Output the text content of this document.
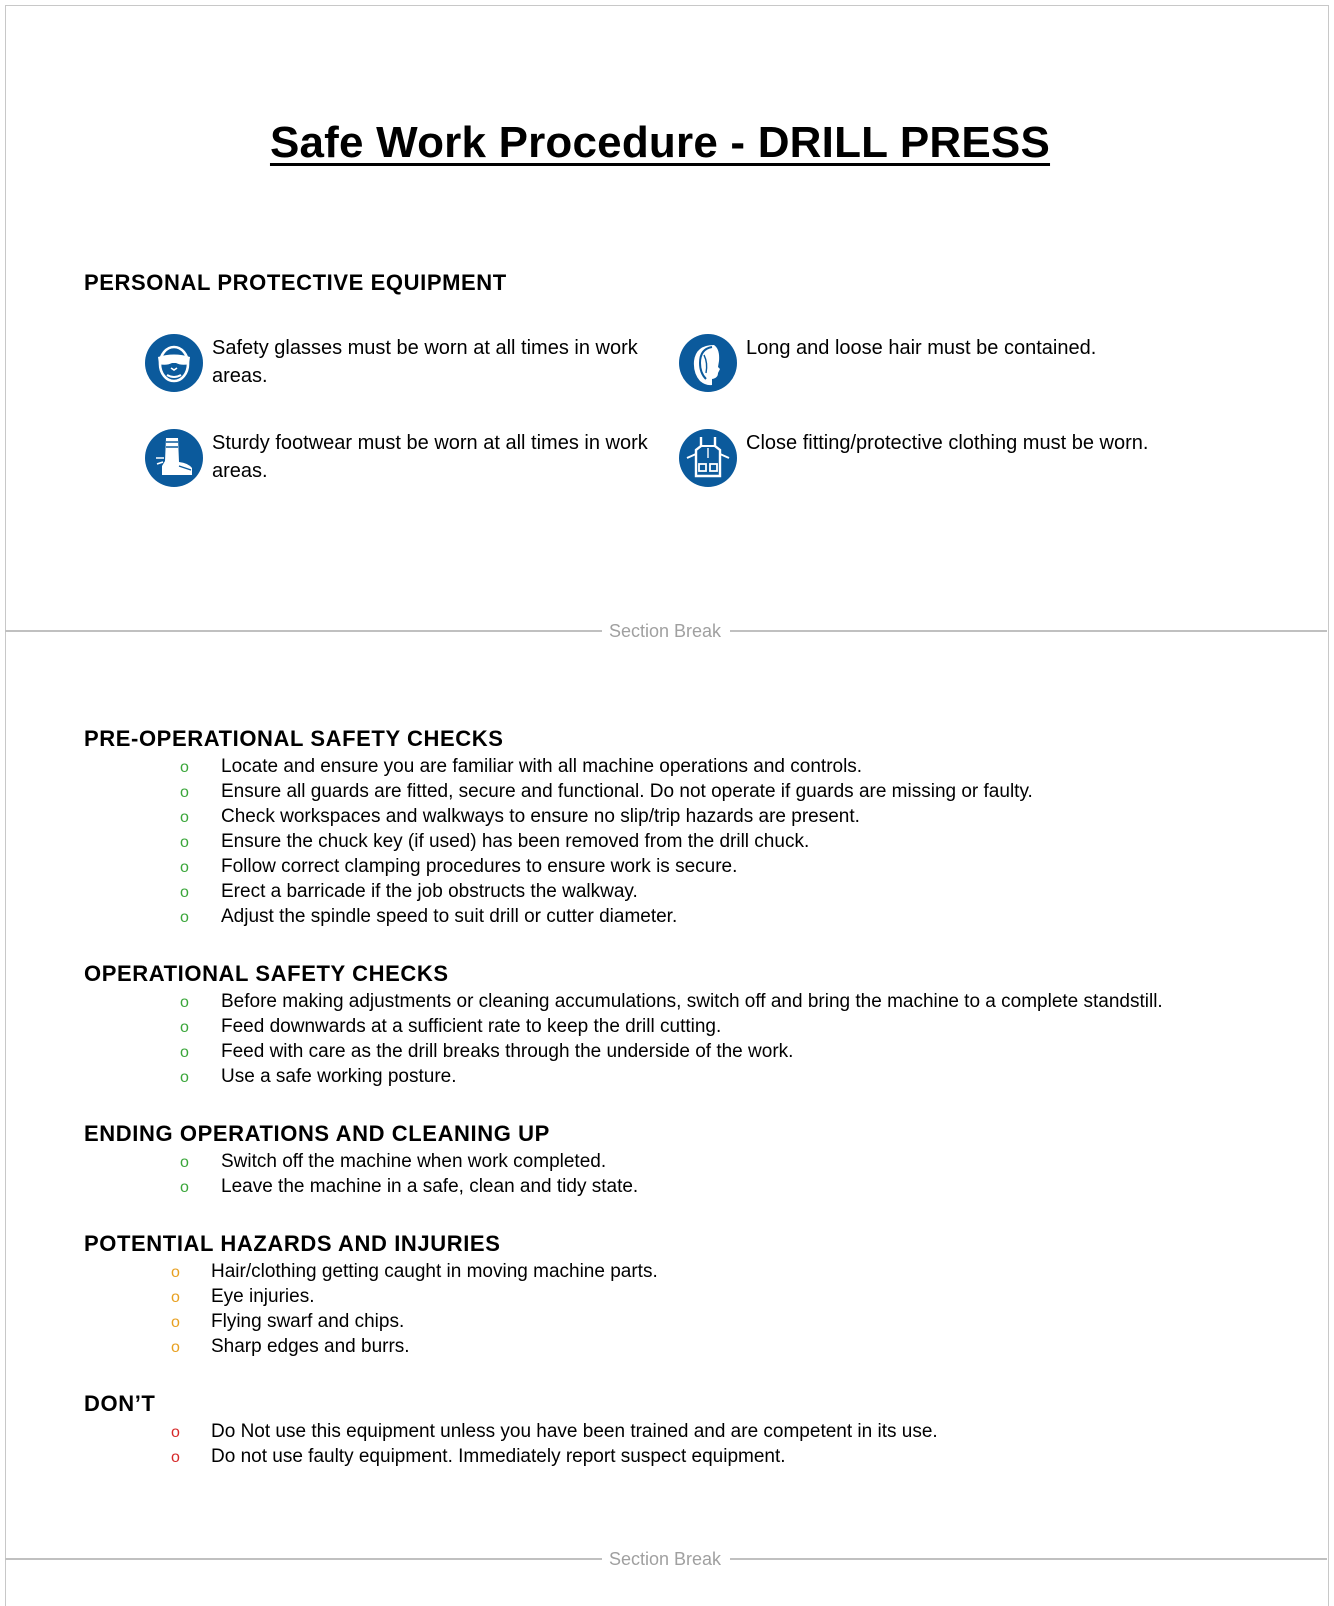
Safe Work Procedure - DRILL PRESS
PERSONAL PROTECTIVE EQUIPMENT
Safety glasses must be worn at all times in work areas.
Long and loose hair must be contained.
Sturdy footwear must be worn at all times in work areas.
Close fitting/protective clothing must be worn.
Section Break
PRE-OPERATIONAL SAFETY CHECKS
o Locate and ensure you are familiar with all machine operations and controls.
o Ensure all guards are fitted, secure and functional. Do not operate if guards are missing or faulty.
o Check workspaces and walkways to ensure no slip/trip hazards are present.
o Ensure the chuck key (if used) has been removed from the drill chuck.
o Follow correct clamping procedures to ensure work is secure.
o Erect a barricade if the job obstructs the walkway.
o Adjust the spindle speed to suit drill or cutter diameter.
OPERATIONAL SAFETY CHECKS
o Before making adjustments or cleaning accumulations, switch off and bring the machine to a complete standstill.
o Feed downwards at a sufficient rate to keep the drill cutting.
o Feed with care as the drill breaks through the underside of the work.
o Use a safe working posture.
ENDING OPERATIONS AND CLEANING UP
o Switch off the machine when work completed.
o Leave the machine in a safe, clean and tidy state.
POTENTIAL HAZARDS AND INJURIES
o Hair/clothing getting caught in moving machine parts.
o Eye injuries.
o Flying swarf and chips.
o Sharp edges and burrs.
DON’T
o Do Not use this equipment unless you have been trained and are competent in its use.
o Do not use faulty equipment. Immediately report suspect equipment.
Section Break
